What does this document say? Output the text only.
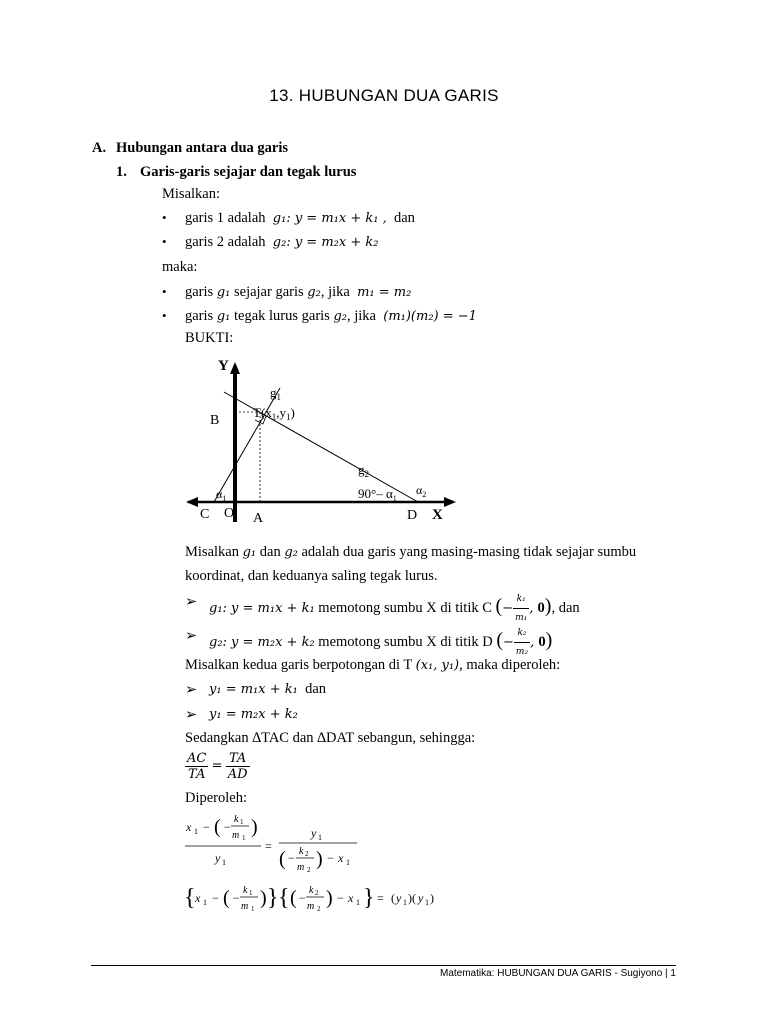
13. HUBUNGAN DUA GARIS
A. Hubungan antara dua garis
1. Garis-garis sejajar dan tegak lurus
Misalkan:
• garis 1 adalah g₁: y = m₁x + k₁ , dan
• garis 2 adalah g₂: y = m₂x + k₂
maka:
• garis g₁ sejajar garis g₂, jika m₁ = m₂
• garis g₁ tegak lurus garis g₂, jika (m₁)(m₂) = −1
BUKTI:
Y
X
$g_1$
$g_2$
B
$T(x_1,y_1)$
C O A	D
$\alpha_1$	90°– $\alpha_1$
$\alpha_2$
Misalkan g₁ dan g₂ adalah dua garis yang masing-masing tidak sejajar sumbu
koordinat, dan keduanya saling tegak lurus.
➢ g₁: y = m₁x + k₁ memotong sumbu X di titik C (− $\frac{\text{k₁}}{\text{m₁}}$ , 0), dan
➢ g₂: y = m₂x + k₂ memotong sumbu X di titik D (− $\frac{\text{k₂}}{\text{m₂}}$ , 0)
Misalkan kedua garis berpotongan di T (x₁, y₁), maka diperoleh:
➢ y₁ = m₁x + k₁ dan
➢ y₁ = m₂x + k₂
Sedangkan ∆TAC dan ∆DAT sebangun, sehingga:
$\frac{AC}{TA} = \frac{TA}{AD}$
Diperoleh:
x 1 − ( −
k 1
m 1 )
y 1
=
y 1
( − k 2
m 2 ) − x 1
{ x 1 − ( −
k 1
m 1 ) } { ( −
k 2
m 2 ) − x 1 } = ( y 1 )( y 1 )
Matematika: HUBUNGAN DUA GARIS - Sugiyono | 1
